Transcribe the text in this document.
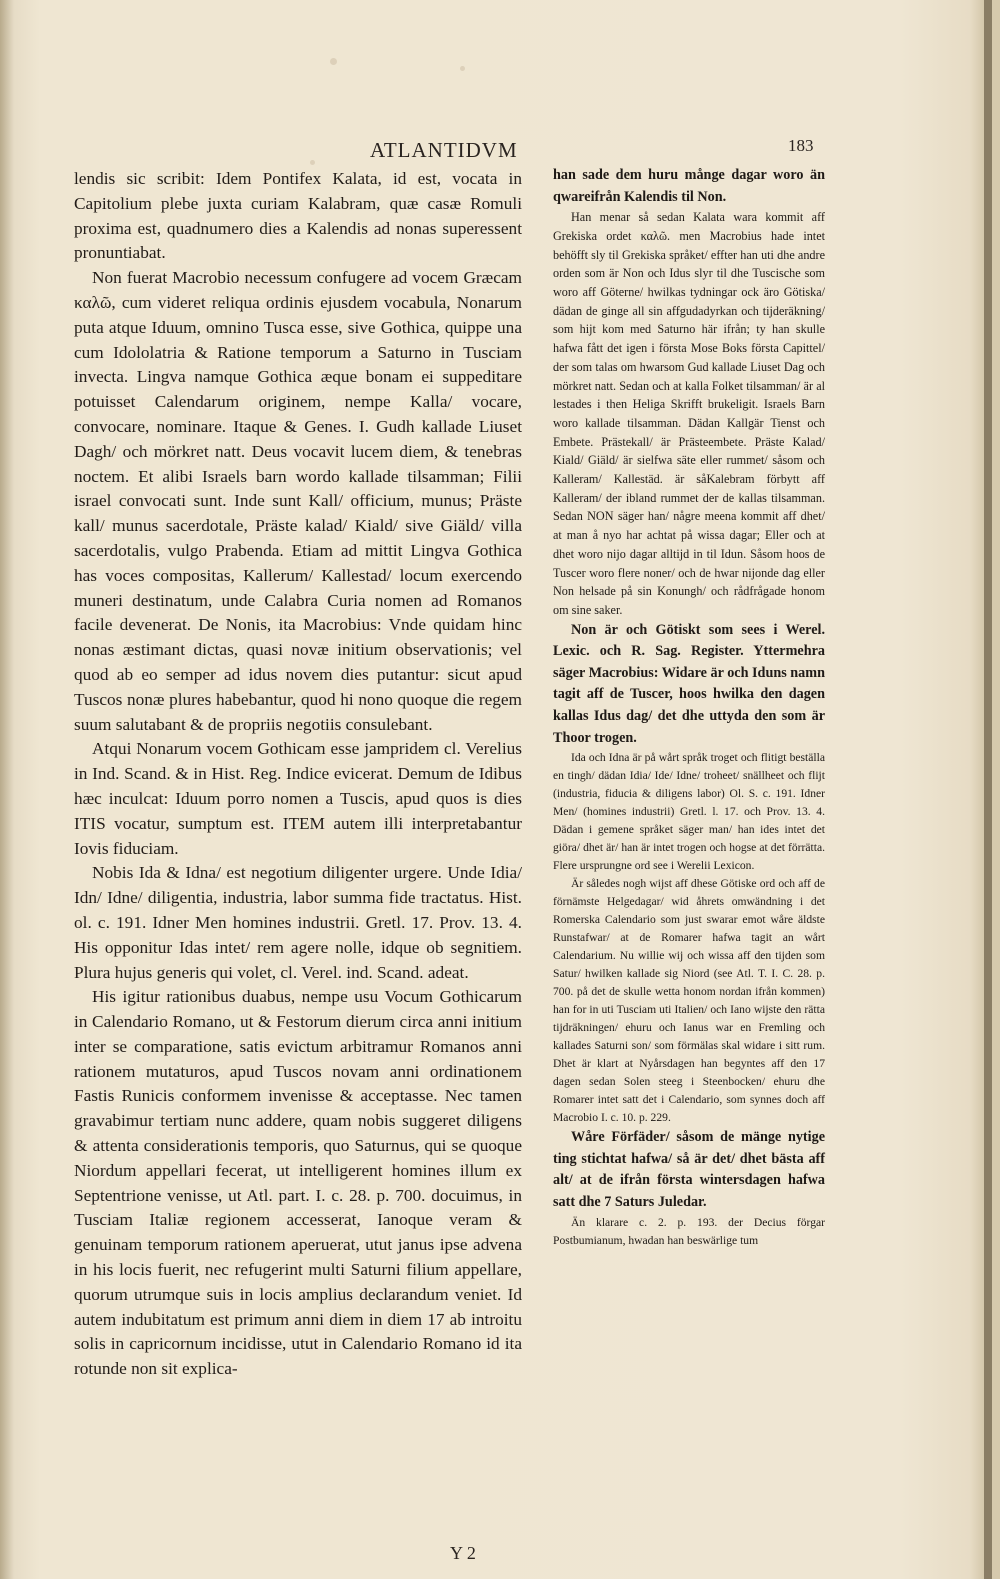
ATLANTIDVM	183

lendis sic scribit: Idem Pontifex Kalata, id est, vocata in Capitolium plebe juxta curiam Kalabram, quæ casæ Romuli proxima est, quadnumero dies a Kalendis ad nonas superessent pronuntiabat.

Non fuerat Macrobio necessum confugere ad vocem Græcam καλῶ, cum videret reliqua ordinis ejusdem vocabula, Nonarum puta atque Iduum, omnino Tusca esse, sive Gothica, quippe una cum Idololatria & Ratione temporum a Saturno in Tusciam invecta. Lingva namque Gothica æque bonam ei suppeditare potuisset Calendarum originem, nempe Kalla/ vocare, convocare, nominare. Itaque & Genes. I. Gudh kallade Liuset Dagh/ och mörkret natt. Deus vocavit lucem diem, & tenebras noctem. Et alibi Israels barn wordo kallade tilsamman; Filii israel convocati sunt. Inde sunt Kall/ officium, munus; Präste kall/ munus sacerdotale, Präste kalad/ Kiald/ sive Giäld/ villa sacerdotalis, vulgo Prabenda. Etiam ad mittit Lingva Gothica has voces compositas, Kallerum/ Kallestad/ locum exercendo muneri destinatum, unde Calabra Curia nomen ad Romanos facile devenerat. De Nonis, ita Macrobius: Vnde quidam hinc nonas æstimant dictas, quasi novæ initium observationis; vel quod ab eo semper ad idus novem dies putantur: sicut apud Tuscos nonæ plures habebantur, quod hi nono quoque die regem suum salutabant & de propriis negotiis consulebant.

Atqui Nonarum vocem Gothicam esse jampridem cl. Verelius in Ind. Scand. & in Hist. Reg. Indice evicerat. Demum de Idibus hæc inculcat: Iduum porro nomen a Tuscis, apud quos is dies ITIS vocatur, sumptum est. ITEM autem illi interpretabantur Iovis fiduciam.

Nobis Ida & Idna/ est negotium diligenter urgere. Unde Idia/ Idn/ Idne/ diligentia, industria, labor summa fide tractatus. Hist. ol. c. 191. Idner Men homines industrii. Gretl. 17. Prov. 13. 4. His opponitur Idas intet/ rem agere nolle, idque ob segnitiem. Plura hujus generis qui volet, cl. Verel. ind. Scand. adeat.

His igitur rationibus duabus, nempe usu Vocum Gothicarum in Calendario Romano, ut & Festorum dierum circa anni initium inter se comparatione, satis evictum arbitramur Romanos anni rationem mutaturos, apud Tuscos novam anni ordinationem Fastis Runicis conformem invenisse & acceptasse. Nec tamen gravabimur tertiam nunc addere, quam nobis suggeret diligens & attenta considerationis temporis, quo Saturnus, qui se quoque Niordum appellari fecerat, ut intelligerent homines illum ex Septentrione venisse, ut Atl. part. I. c. 28. p. 700. docuimus, in Tusciam Italiæ regionem accesserat, Ianoque veram & genuinam temporum rationem aperuerat, utut janus ipse advena in his locis fuerit, nec refugerint multi Saturni filium appellare, quorum utrumque suis in locis amplius declarandum veniet. Id autem indubitatum est primum anni diem in diem 17 ab introitu solis in capricornum incidisse, utut in Calendario Romano id ita rotunde non sit explica-

han sade dem huru månge dagar woro än qwareifrån Kalendis til Non.

Han menar så sedan Kalata wara kommit aff Grekiska ordet καλῶ. men Macrobius hade intet behöfft sly til Grekiska språket/ effter han uti dhe andre orden som är Non och Idus slyr til dhe Tuscische som woro aff Göterne/ hwilkas tydningar ock äro Götiska/ dädan de ginge all sin affgudadyrkan och tijderäkning/ som hijt kom med Saturno här ifrån; ty han skulle hafwa fått det igen i första Mose Boks första Capittel/ der som talas om hwarsom Gud kallade Liuset Dag och mörkret natt. Sedan och at kalla Folket tilsamman/ är al lestades i then Heliga Skrifft brukeligit. Israels Barn woro kallade tilsamman. Dädan Kallgär Tienst och Embete. Prästekall/ är Prästeembete. Präste Kalad/ Kiald/ Giäld/ är sielfwa säte eller rummet/ såsom och Kalleram/ Kallestäd. är såKalebram förbytt aff Kalleram/ der ibland rummet der de kallas tilsamman. Sedan NON säger han/ någre meena kommit aff dhet/ at man å nyo har achtat på wissa dagar; Eller och at dhet woro nijo dagar alltijd in til Idun. Såsom hoos de Tuscer woro flere noner/ och de hwar nijonde dag eller Non helsade på sin Konungh/ och rådfrågade honom om sine saker.

Non är och Götiskt som sees i Werel. Lexic. och R. Sag. Register. Yttermehra säger Macrobius: Widare är och Iduns namn tagit aff de Tuscer, hoos hwilka den dagen kallas Idus dag/ det dhe uttyda den som är Thoor trogen.

Ida och Idna är på wårt språk troget och flitigt beställa en tingh/ dädan Idia/ Ide/ Idne/ troheet/ snällheet och flijt (industria, fiducia & diligens labor) Ol. S. c. 191. Idner Men/ (homines industrii) Gretl. l. 17. och Prov. 13. 4. Dädan i gemene språket säger man/ han ides intet det giöra/ dhet är/ han är intet trogen och hogse at det förrätta. Flere ursprungne ord see i Werelii Lexicon.

Är således nogh wijst aff dhese Götiske ord och aff de förnämste Helgedagar/ wid åhrets omwändning i det Romerska Calendario som just swarar emot wåre äldste Runstafwar/ at de Romarer hafwa tagit an wårt Calendarium. Nu willie wij och wissa aff den tijden som Satur/ hwilken kallade sig Niord (see Atl. T. I. C. 28. p. 700. på det de skulle wetta honom nordan ifrån kommen) han for in uti Tusciam uti Italien/ och Iano wijste den rätta tijdräkningen/ ehuru och Ianus war en Fremling och kallades Saturni son/ som förmälas skal widare i sitt rum. Dhet är klart at Nyårsdagen han begyntes aff den 17 dagen sedan Solen steeg i Steenbocken/ ehuru dhe Romarer intet satt det i Calendario, som synnes doch aff Macrobio I. c. 10. p. 229.

Wåre Förfäder/ såsom de mänge nytige ting stichtat hafwa/ så är det/ dhet bästa aff alt/ at de ifrån första wintersdagen hafwa satt dhe 7 Saturs Juledar.

Än klarare c. 2. p. 193. der Decius förgar Postbumianum, hwadan han beswärlige tum

Y 2
